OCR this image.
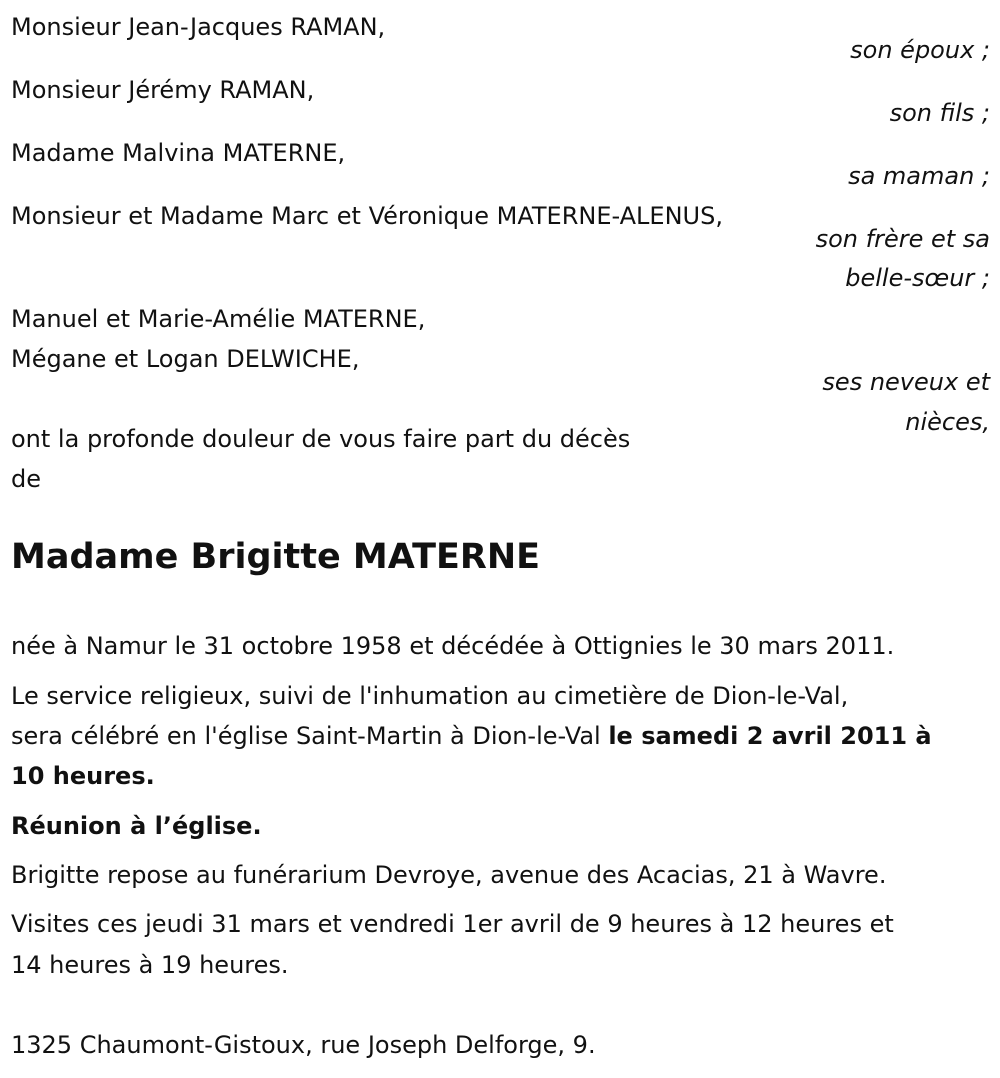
Monsieur Jean-Jacques RAMAN,
son époux ;
Monsieur Jérémy RAMAN,
son fils ;
Madame Malvina MATERNE,
sa maman ;
Monsieur et Madame Marc et Véronique MATERNE-ALENUS,
son frère et sa
belle-sœur ;
Manuel et Marie-Amélie MATERNE,
Mégane et Logan DELWICHE,
ses neveux et
nièces,
ont la profonde douleur de vous faire part du décès
de
Madame Brigitte MATERNE
née à Namur le 31 octobre 1958 et décédée à Ottignies le 30 mars 2011.
Le service religieux, suivi de l'inhumation au cimetière de Dion-le-Val,
sera célébré en l'église Saint-Martin à Dion-le-Val le samedi 2 avril 2011 à
10 heures.
Réunion à l’église.
Brigitte repose au funérarium Devroye, avenue des Acacias, 21 à Wavre.
Visites ces jeudi 31 mars et vendredi 1er avril de 9 heures à 12 heures et
14 heures à 19 heures.
1325 Chaumont-Gistoux, rue Joseph Delforge, 9.
